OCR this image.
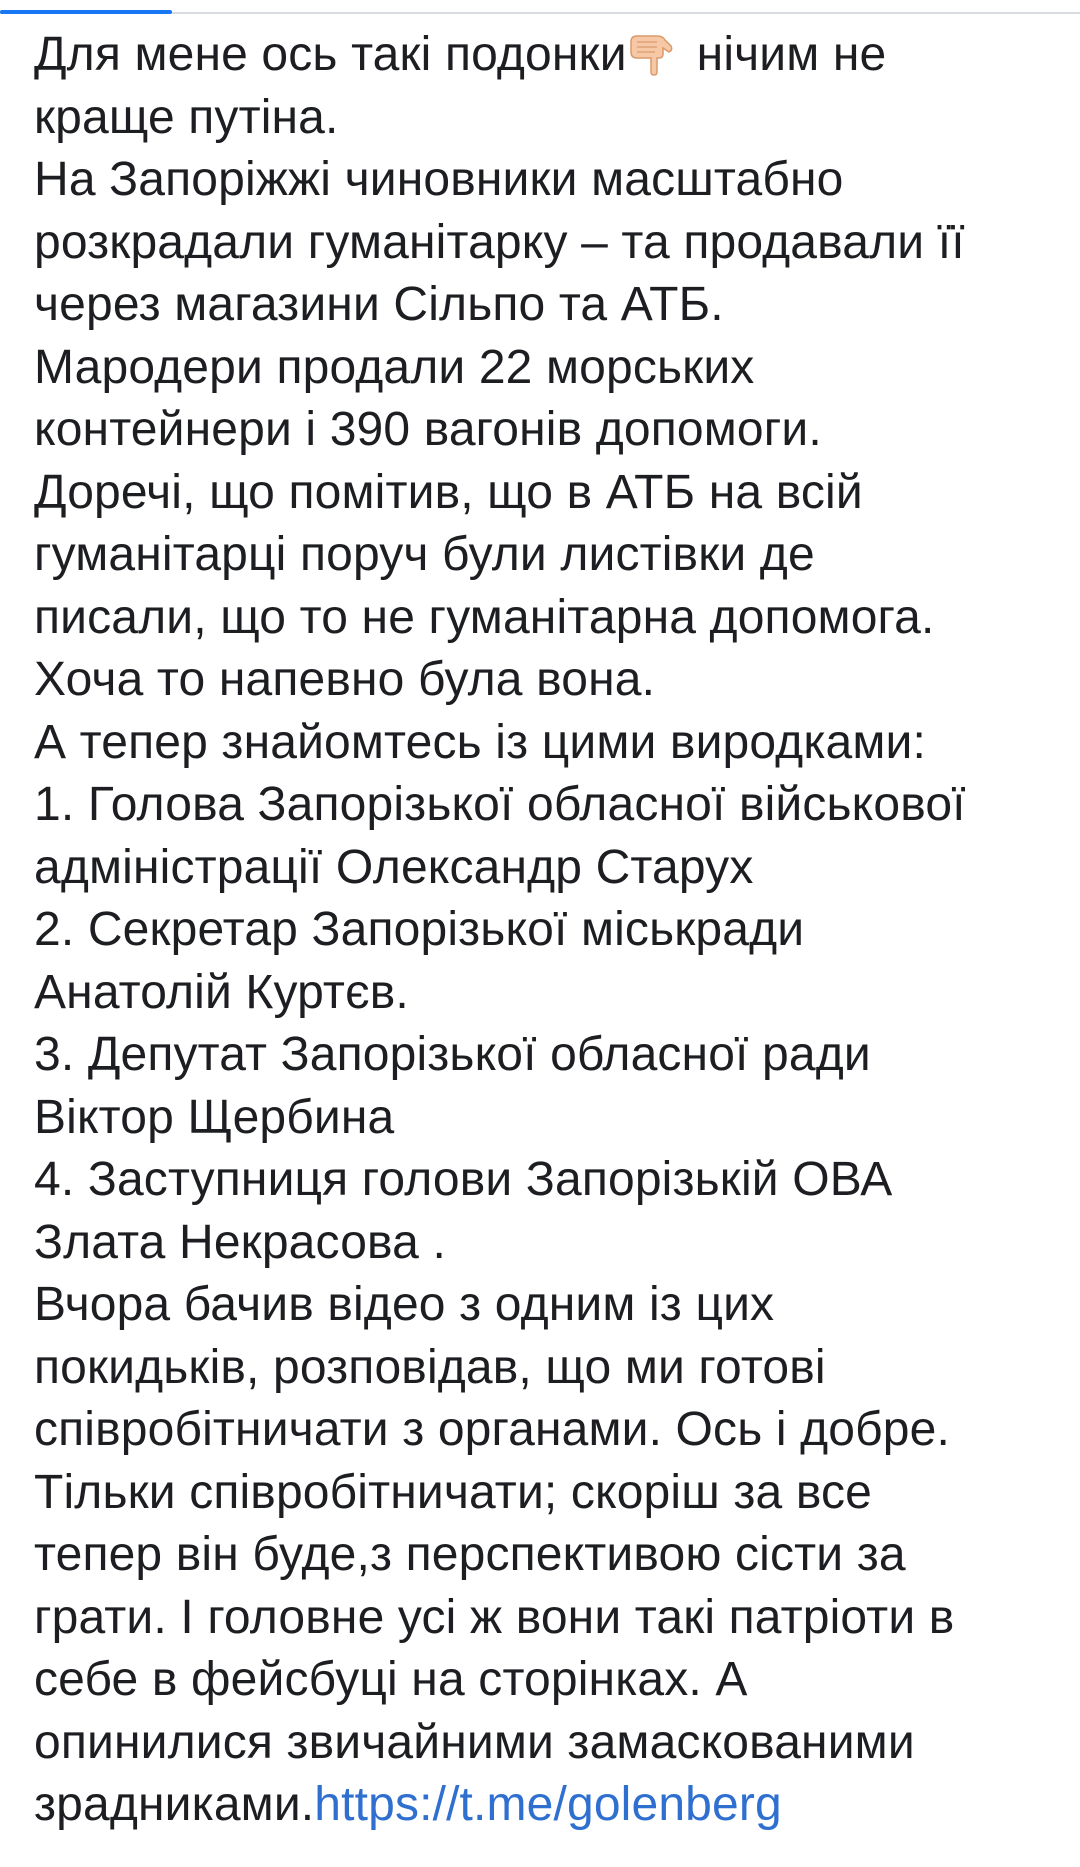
Для мене ось такі подонки нічим не
краще путіна.
На Запоріжжі чиновники масштабно
розкрадали гуманітарку – та продавали її
через магазини Сільпо та АТБ.
Мародери продали 22 морських
контейнери і 390 вагонів допомоги.
Доречі, що помітив, що в АТБ на всій
гуманітарці поруч були листівки де
писали, що то не гуманітарна допомога.
Хоча то напевно була вона.
А тепер знайомтесь із цими виродками:
1. Голова Запорізької обласної військової
адміністрації Олександр Старух
2. Секретар Запорізької міськради
Анатолій Куртєв.
3. Депутат Запорізької обласної ради
Віктор Щербина
4. Заступниця голови Запорізькій ОВА
Злата Некрасова .
Вчора бачив відео з одним із цих
покидьків, розповідав, що ми готові
співробітничати з органами. Ось і добре.
Тільки співробітничати; скоріш за все
тепер він буде,з перспективою сісти за
грати. І головне усі ж вони такі патріоти в
себе в фейсбуці на сторінках. А
опинилися звичайними замаскованими
зрадниками.https://t.me/golenberg
